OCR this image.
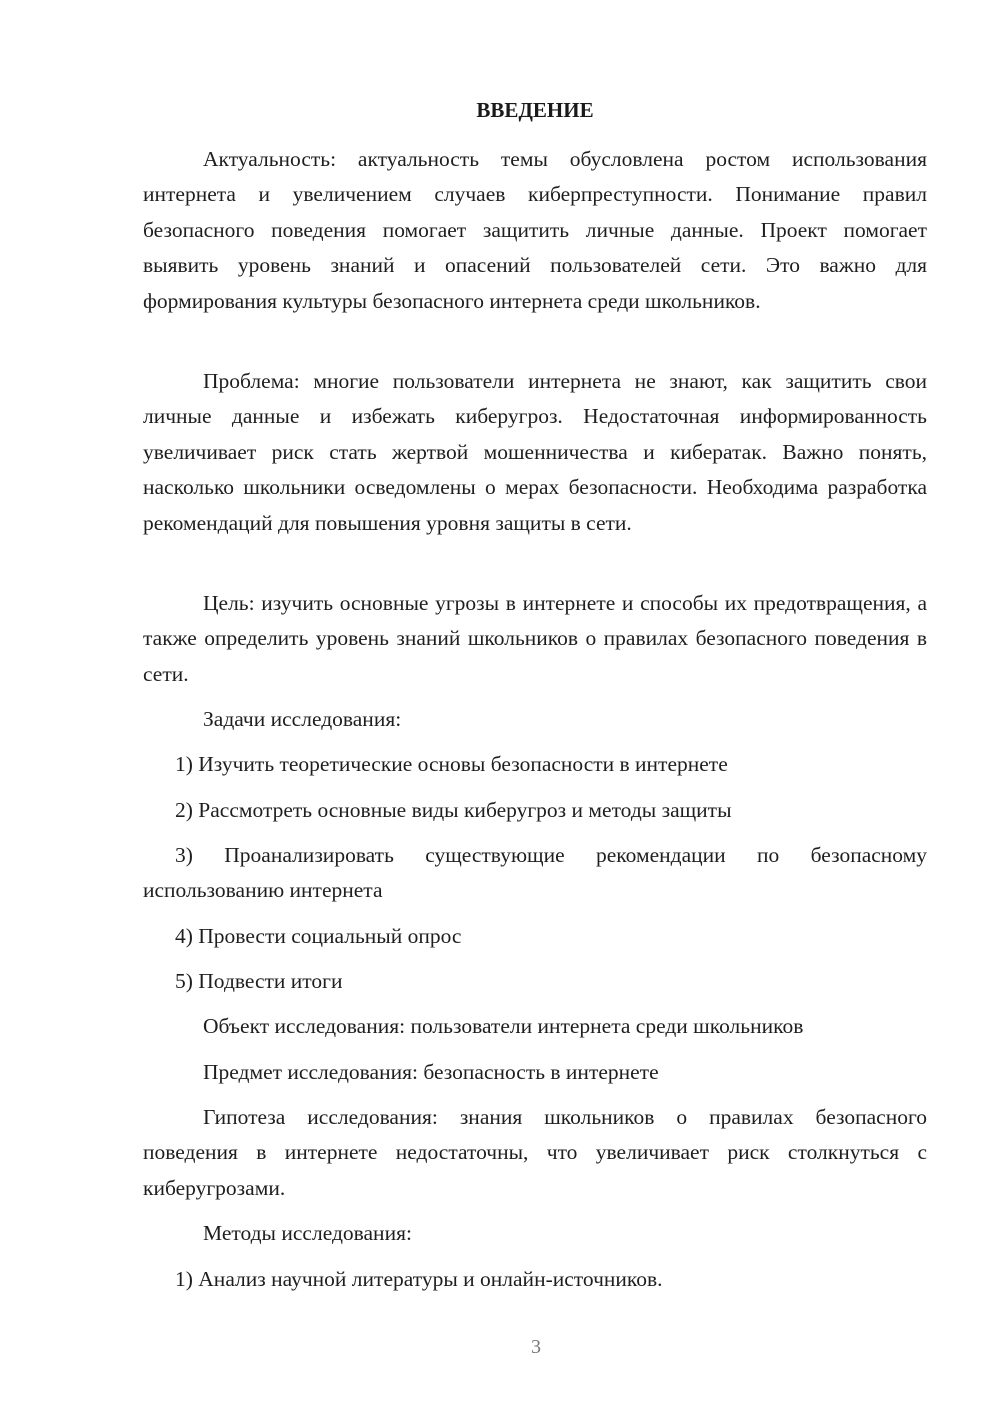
ВВЕДЕНИЕ

Актуальность: актуальность темы обусловлена ростом использования интернета и увеличением случаев киберпреступности. Понимание правил безопасного поведения помогает защитить личные данные. Проект помогает выявить уровень знаний и опасений пользователей сети. Это важно для формирования культуры безопасного интернета среди школьников.

Проблема: многие пользователи интернета не знают, как защитить свои личные данные и избежать киберугроз. Недостаточная информированность увеличивает риск стать жертвой мошенничества и кибератак. Важно понять, насколько школьники осведомлены о мерах безопасности. Необходима разработка рекомендаций для повышения уровня защиты в сети.

Цель: изучить основные угрозы в интернете и способы их предотвращения, а также определить уровень знаний школьников о правилах безопасного поведения в сети.

Задачи исследования:

1) Изучить теоретические основы безопасности в интернете

2) Рассмотреть основные виды киберугроз и методы защиты

3) Проанализировать существующие рекомендации по безопасному использованию интернета

4) Провести социальный опрос

5) Подвести итоги

Объект исследования: пользователи интернета среди школьников

Предмет исследования: безопасность в интернете

Гипотеза исследования: знания школьников о правилах безопасного поведения в интернете недостаточны, что увеличивает риск столкнуться с киберугрозами.

Методы исследования:

1) Анализ научной литературы и онлайн-источников.

3
